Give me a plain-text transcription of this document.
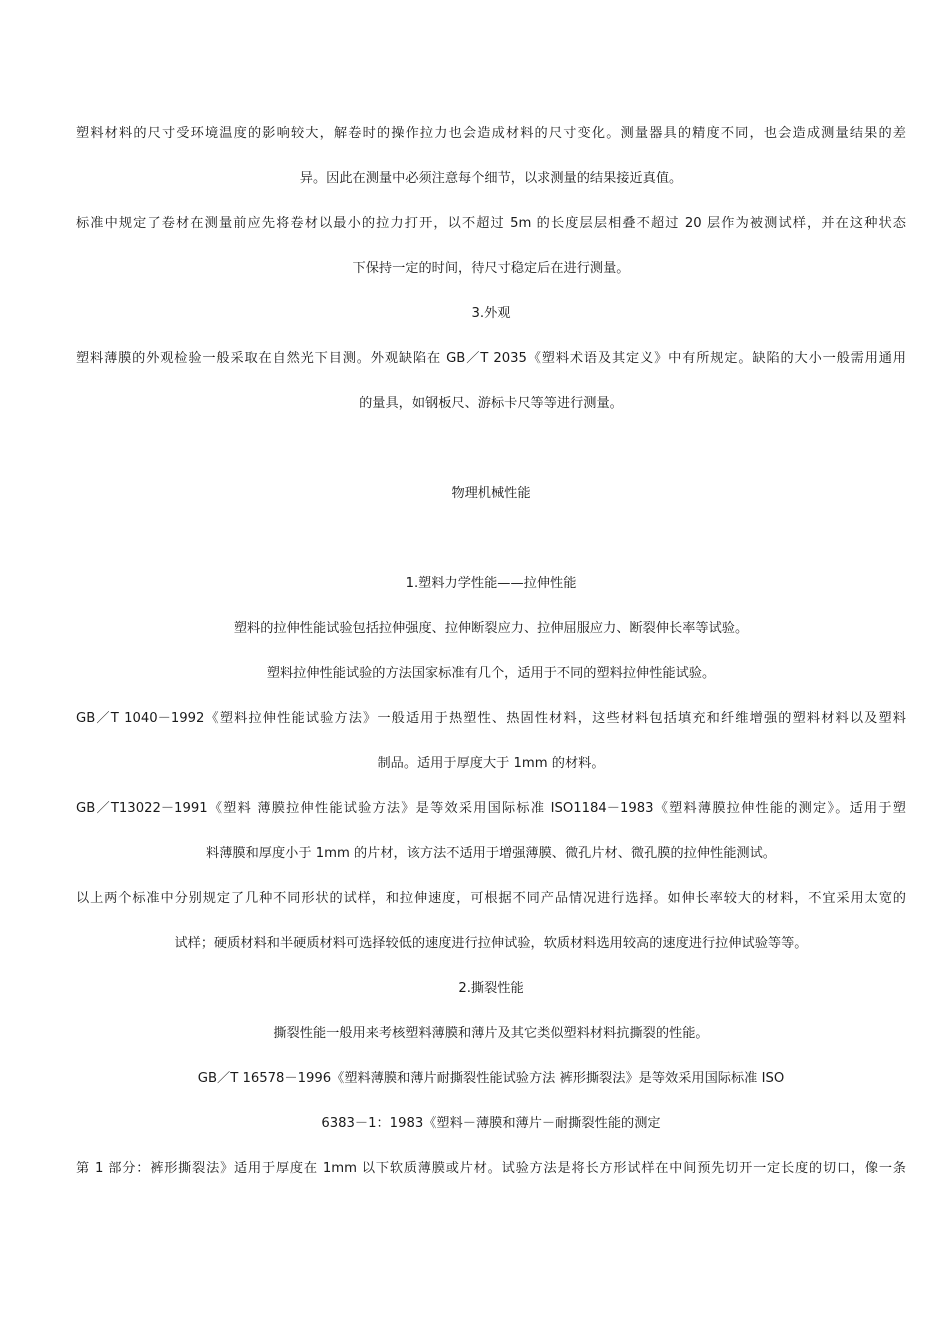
塑料材料的尺寸受环境温度的影响较大，解卷时的操作拉力也会造成材料的尺寸变化。测量器具的精度不同，也会造成测量结果的差
异。因此在测量中必须注意每个细节，以求测量的结果接近真值。
标准中规定了卷材在测量前应先将卷材以最小的拉力打开，以不超过 5m 的长度层层相叠不超过 20 层作为被测试样，并在这种状态
下保持一定的时间，待尺寸稳定后在进行测量。
3.外观
塑料薄膜的外观检验一般采取在自然光下目测。外观缺陷在 GB／T 2035《塑料术语及其定义》中有所规定。缺陷的大小一般需用通用
的量具，如钢板尺、游标卡尺等等进行测量。
物理机械性能
1.塑料力学性能——拉伸性能
塑料的拉伸性能试验包括拉伸强度、拉伸断裂应力、拉伸屈服应力、断裂伸长率等试验。
塑料拉伸性能试验的方法国家标准有几个，适用于不同的塑料拉伸性能试验。
GB／T 1040－1992《塑料拉伸性能试验方法》一般适用于热塑性、热固性材料，这些材料包括填充和纤维增强的塑料材料以及塑料
制品。适用于厚度大于 1mm 的材料。
GB／T13022－1991《塑料 薄膜拉伸性能试验方法》是等效采用国际标准 ISO1184－1983《塑料薄膜拉伸性能的测定》。适用于塑
料薄膜和厚度小于 1mm 的片材，该方法不适用于增强薄膜、微孔片材、微孔膜的拉伸性能测试。
以上两个标准中分别规定了几种不同形状的试样，和拉伸速度，可根据不同产品情况进行选择。如伸长率较大的材料，不宜采用太宽的
试样；硬质材料和半硬质材料可选择较低的速度进行拉伸试验，软质材料选用较高的速度进行拉伸试验等等。
2.撕裂性能
撕裂性能一般用来考核塑料薄膜和薄片及其它类似塑料材料抗撕裂的性能。
GB／T 16578－1996《塑料薄膜和薄片耐撕裂性能试验方法 裤形撕裂法》是等效采用国际标准 ISO
6383－1：1983《塑料－薄膜和薄片－耐撕裂性能的测定
第 1 部分：裤形撕裂法》适用于厚度在 1mm 以下软质薄膜或片材。试验方法是将长方形试样在中间预先切开一定长度的切口，像一条
